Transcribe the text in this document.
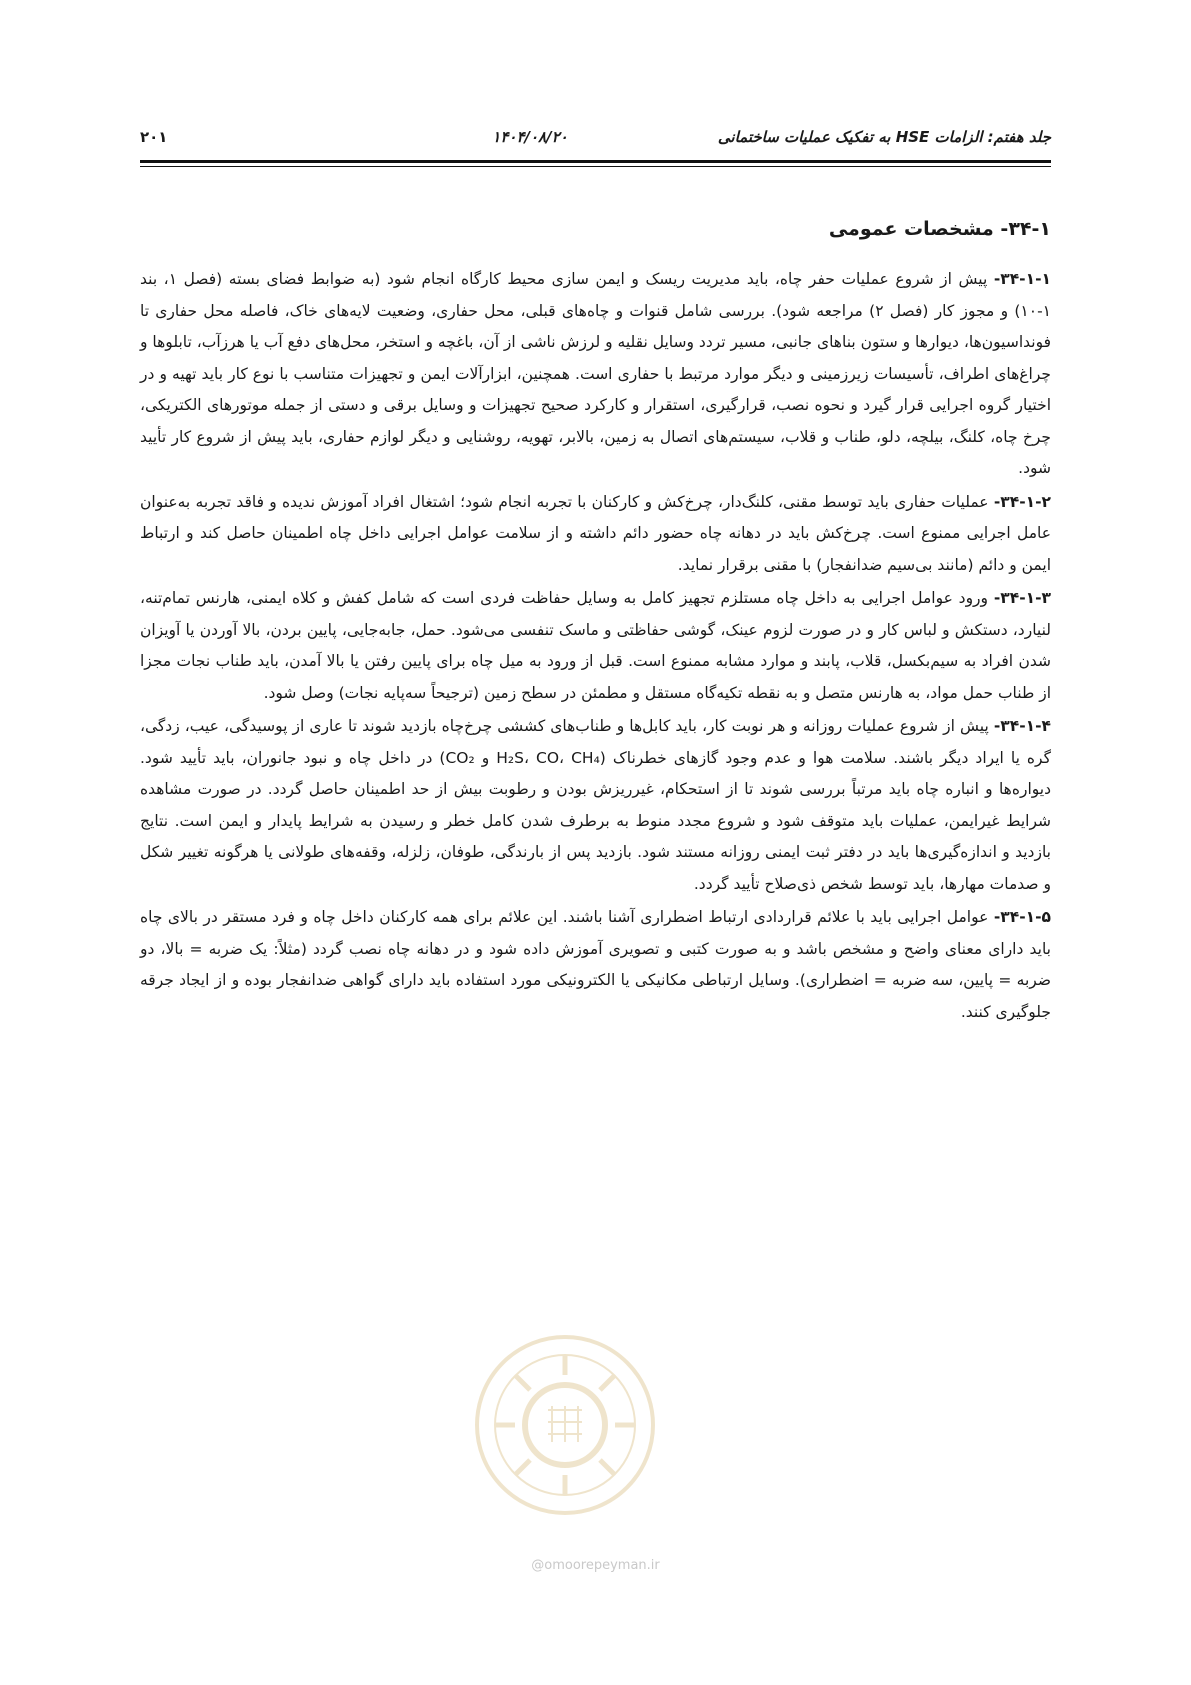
۲۰۱	۱۴۰۴/۰۸/۲۰	جلد هفتم: الزامات HSE به تفکیک عملیات ساختمانی
۳۴-۱- مشخصات عمومی

۳۴-۱-۱- پیش از شروع عملیات حفر چاه، باید مدیریت ریسک و ایمن سازی محیط کارگاه انجام شود (به ضوابط فضای بسته (فصل ۱، بند ۱-۱۰) و مجوز کار (فصل ۲) مراجعه شود). بررسی شامل قنوات و چاه‌های قبلی، محل حفاری، وضعیت لایه‌های خاک، فاصله محل حفاری تا فونداسیون‌ها، دیوارها و ستون بناهای جانبی، مسیر تردد وسایل نقلیه و لرزش ناشی از آن، باغچه و استخر، محل‌های دفع آب یا هرزآب، تابلوها و چراغ‌های اطراف، تأسیسات زیرزمینی و دیگر موارد مرتبط با حفاری است. همچنین، ابزارآلات ایمن و تجهیزات متناسب با نوع کار باید تهیه و در اختیار گروه اجرایی قرار گیرد و نحوه نصب، قرارگیری، استقرار و کارکرد صحیح تجهیزات و وسایل برقی و دستی از جمله موتورهای الکتریکی، چرخ چاه، کلنگ، بیلچه، دلو، طناب و قلاب، سیستم‌های اتصال به زمین، بالابر، تهویه، روشنایی و دیگر لوازم حفاری، باید پیش از شروع کار تأیید شود.

۳۴-۱-۲- عملیات حفاری باید توسط مقنی، کلنگ‌دار، چرخ‌کش و کارکنان با تجربه انجام شود؛ اشتغال افراد آموزش ندیده و فاقد تجربه به‌عنوان عامل اجرایی ممنوع است. چرخ‌کش باید در دهانه چاه حضور دائم داشته و از سلامت عوامل اجرایی داخل چاه اطمینان حاصل کند و ارتباط ایمن و دائم (مانند بی‌سیم ضدانفجار) با مقنی برقرار نماید.

۳۴-۱-۳- ورود عوامل اجرایی به داخل چاه مستلزم تجهیز کامل به وسایل حفاظت فردی است که شامل کفش و کلاه ایمنی، هارنس تمام‌تنه، لنیارد، دستکش و لباس کار و در صورت لزوم عینک، گوشی حفاظتی و ماسک تنفسی می‌شود. حمل، جابه‌جایی، پایین بردن، بالا آوردن یا آویزان شدن افراد به سیم‌بکسل، قلاب، پابند و موارد مشابه ممنوع است. قبل از ورود به میل چاه برای پایین رفتن یا بالا آمدن، باید طناب نجات مجزا از طناب حمل مواد، به هارنس متصل و به نقطه تکیه‌گاه مستقل و مطمئن در سطح زمین (ترجیحاً سه‌پایه نجات) وصل شود.

۳۴-۱-۴- پیش از شروع عملیات روزانه و هر نوبت کار، باید کابل‌ها و طناب‌های کششی چرخ‌چاه بازدید شوند تا عاری از پوسیدگی، عیب، زدگی، گره یا ایراد دیگر باشند. سلامت هوا و عدم وجود گازهای خطرناک (H₂S، CO، CH₄ و CO₂) در داخل چاه و نبود جانوران، باید تأیید شود. دیواره‌ها و انباره چاه باید مرتباً بررسی شوند تا از استحکام، غیرریزش بودن و رطوبت بیش از حد اطمینان حاصل گردد. در صورت مشاهده شرایط غیرایمن، عملیات باید متوقف شود و شروع مجدد منوط به برطرف شدن کامل خطر و رسیدن به شرایط پایدار و ایمن است. نتایج بازدید و اندازه‌گیری‌ها باید در دفتر ثبت ایمنی روزانه مستند شود. بازدید پس از بارندگی، طوفان، زلزله، وقفه‌های طولانی یا هرگونه تغییر شکل و صدمات مهارها، باید توسط شخص ذی‌صلاح تأیید گردد.

۳۴-۱-۵- عوامل اجرایی باید با علائم قراردادی ارتباط اضطراری آشنا باشند. این علائم برای همه کارکنان داخل چاه و فرد مستقر در بالای چاه باید دارای معنای واضح و مشخص باشد و به صورت کتبی و تصویری آموزش داده شود و در دهانه چاه نصب گردد (مثلاً: یک ضربه = بالا، دو ضربه = پایین، سه ضربه = اضطراری). وسایل ارتباطی مکانیکی یا الکترونیکی مورد استفاده باید دارای گواهی ضدانفجار بوده و از ایجاد جرقه جلوگیری کنند.

@omoorepeyman.ir
